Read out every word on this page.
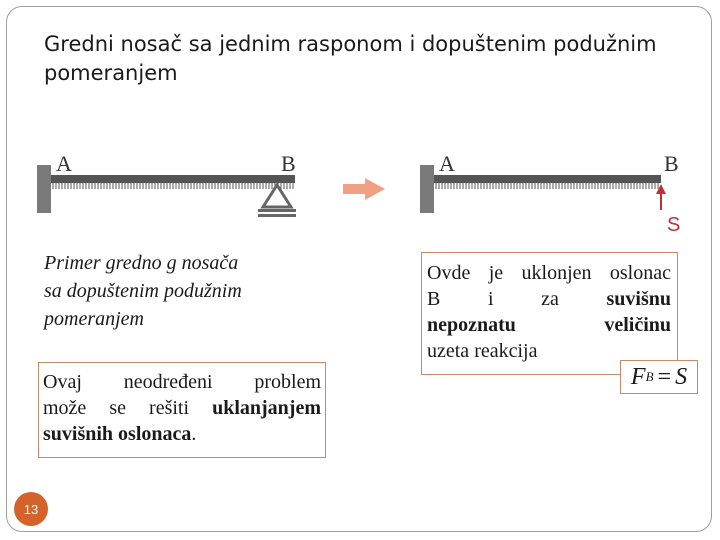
Gredni nosač sa jednim rasponom i dopuštenim podužnim pomeranjem
A	B	A	B
S
Primer gredno g nosača
sa dopuštenim podužnim
pomeranjem
Ovaj neodređeni problem
može se rešiti uklanjanjem
suvišnih oslonaca.
Ovde je uklonjen oslonac
B i za suvišnu
nepoznatu	veličinu
uzeta reakcija
F B = S
13
